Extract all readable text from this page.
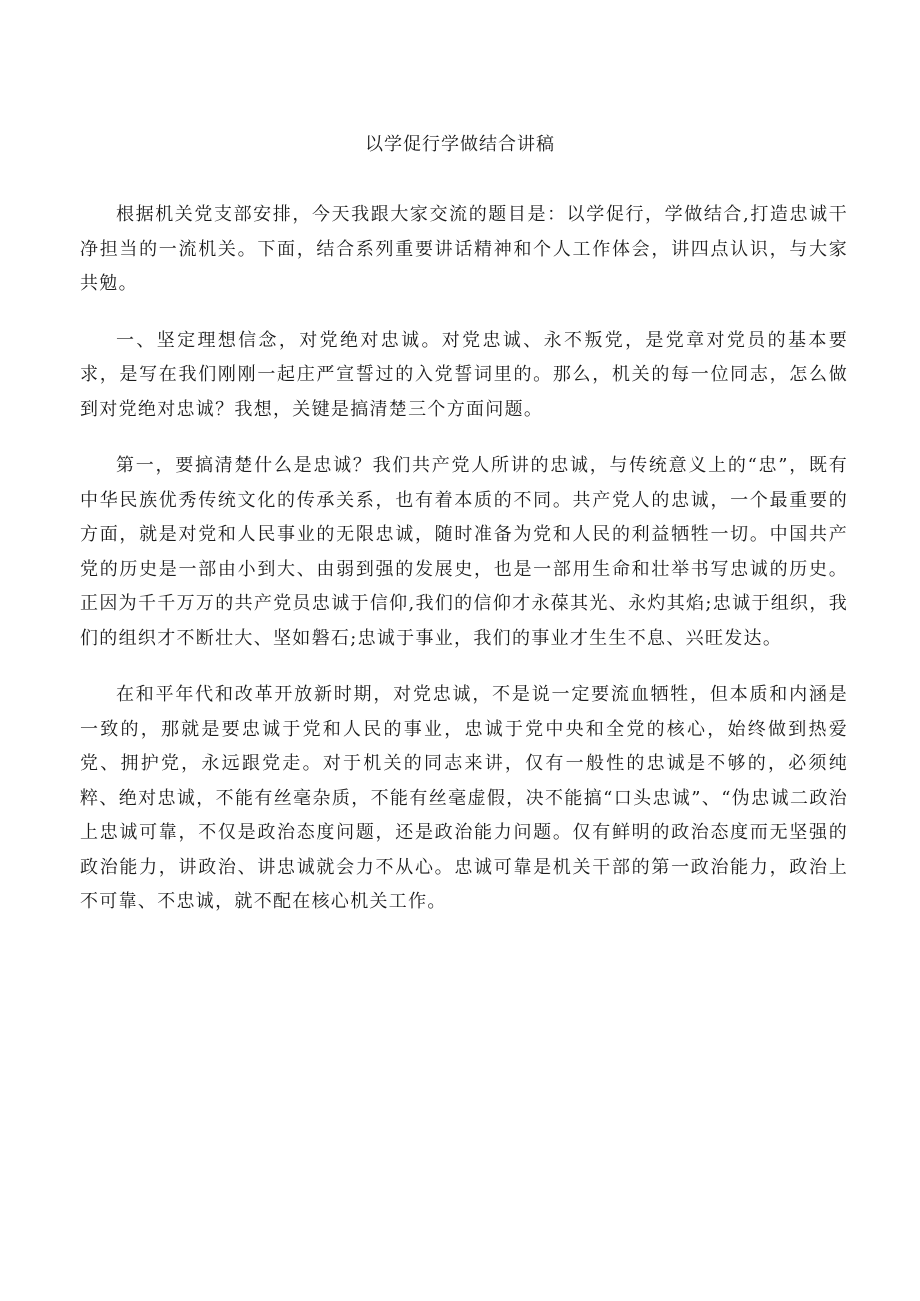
以学促行学做结合讲稿

根据机关党支部安排，今天我跟大家交流的题目是：以学促行，学做结合,打造忠诚干净担当的一流机关。下面，结合系列重要讲话精神和个人工作体会，讲四点认识，与大家共勉。

一、坚定理想信念，对党绝对忠诚。对党忠诚、永不叛党，是党章对党员的基本要求，是写在我们刚刚一起庄严宣誓过的入党誓词里的。那么，机关的每一位同志，怎么做到对党绝对忠诚？我想，关键是搞清楚三个方面问题。

第一，要搞清楚什么是忠诚？我们共产党人所讲的忠诚，与传统意义上的“忠”，既有中华民族优秀传统文化的传承关系，也有着本质的不同。共产党人的忠诚，一个最重要的方面，就是对党和人民事业的无限忠诚，随时准备为党和人民的利益牺牲一切。中国共产党的历史是一部由小到大、由弱到强的发展史，也是一部用生命和壮举书写忠诚的历史。正因为千千万万的共产党员忠诚于信仰,我们的信仰才永葆其光、永灼其焰;忠诚于组织，我们的组织才不断壮大、坚如磐石;忠诚于事业，我们的事业才生生不息、兴旺发达。

在和平年代和改革开放新时期，对党忠诚，不是说一定要流血牺牲，但本质和内涵是一致的，那就是要忠诚于党和人民的事业，忠诚于党中央和全党的核心，始终做到热爱党、拥护党，永远跟党走。对于机关的同志来讲，仅有一般性的忠诚是不够的，必须纯粹、绝对忠诚，不能有丝毫杂质，不能有丝毫虚假，决不能搞“口头忠诚”、“伪忠诚二政治上忠诚可靠，不仅是政治态度问题，还是政治能力问题。仅有鲜明的政治态度而无坚强的政治能力，讲政治、讲忠诚就会力不从心。忠诚可靠是机关干部的第一政治能力，政治上不可靠、不忠诚，就不配在核心机关工作。
